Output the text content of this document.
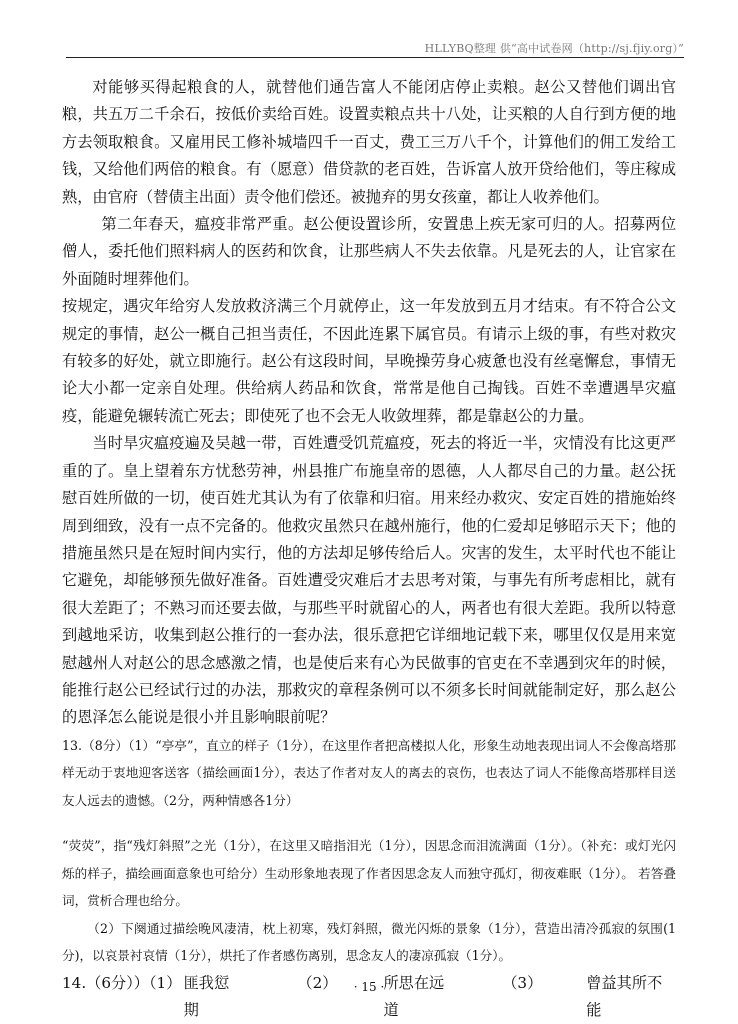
HLLYBQ整理 供“高中试卷网（http://sj.fjiy.org）”

对能够买得起粮食的人，就替他们通告富人不能闭店停止卖粮。赵公又替他们调出官粮，共五万二千余石，按低价卖给百姓。设置卖粮点共十八处，让买粮的人自行到方便的地方去领取粮食。又雇用民工修补城墙四千一百丈，费工三万八千个，计算他们的佣工发给工钱，又给他们两倍的粮食。有（愿意）借贷款的老百姓，告诉富人放开贷给他们，等庄稼成熟，由官府（替债主出面）责令他们偿还。被抛弃的男女孩童，都让人收养他们。

第二年春天，瘟疫非常严重。赵公便设置诊所，安置患上疾无家可归的人。招募两位僧人，委托他们照料病人的医药和饮食，让那些病人不失去依靠。凡是死去的人，让官家在外面随时埋葬他们。

按规定，遇灾年给穷人发放救济满三个月就停止，这一年发放到五月才结束。有不符合公文规定的事情，赵公一概自己担当责任，不因此连累下属官员。有请示上级的事，有些对救灾有较多的好处，就立即施行。赵公有这段时间，早晚操劳身心疲惫也没有丝毫懈怠，事情无论大小都一定亲自处理。供给病人药品和饮食，常常是他自己掏钱。百姓不幸遭遇旱灾瘟疫，能避免辗转流亡死去；即使死了也不会无人收敛埋葬，都是靠赵公的力量。

当时旱灾瘟疫遍及吴越一带，百姓遭受饥荒瘟疫，死去的将近一半，灾情没有比这更严重的了。皇上望着东方忧愁劳神，州县推广布施皇帝的恩德，人人都尽自己的力量。赵公抚慰百姓所做的一切，使百姓尤其认为有了依靠和归宿。用来经办救灾、安定百姓的措施始终周到细致，没有一点不完备的。他救灾虽然只在越州施行，他的仁爱却足够昭示天下；他的措施虽然只是在短时间内实行，他的方法却足够传给后人。灾害的发生，太平时代也不能让它避免，却能够预先做好准备。百姓遭受灾难后才去思考对策，与事先有所考虑相比，就有很大差距了；不熟习而还要去做，与那些平时就留心的人，两者也有很大差距。我所以特意到越地采访，收集到赵公推行的一套办法，很乐意把它详细地记载下来，哪里仅仅是用来宽慰越州人对赵公的思念感激之情，也是使后来有心为民做事的官吏在不幸遇到灾年的时候，能推行赵公已经试行过的办法，那救灾的章程条例可以不须多长时间就能制定好，那么赵公的恩泽怎么能说是很小并且影响眼前呢？

13.（8分）（1）“亭亭”，直立的样子（1分），在这里作者把高楼拟人化，形象生动地表现出词人不会像高塔那样无动于衷地迎客送客（描绘画面1分），表达了作者对友人的离去的哀伤，也表达了词人不能像高塔那样目送友人远去的遗憾。（2分，两种情感各1分）

“荧荧”，指“残灯斜照”之光（1分），在这里又暗指泪光（1分），因思念而泪流满面（1分）。（补充：或灯光闪烁的样子，描绘画面意象也可给分）生动形象地表现了作者因思念友人而独守孤灯，彻夜难眠（1分）。 若答叠词，赏析合理也给分。

（2）下阕通过描绘晚风凄清，枕上初寒，残灯斜照，微光闪烁的景象（1分），营造出清冷孤寂的氛围(1分)，以哀景衬哀情（1分），烘托了作者感伤离别，思念友人的凄凉孤寂（1分）。

14.（6分））（1） 匪我愆期
（2）	所思在远道
（3）	曾益其所不能
· 15 ·
